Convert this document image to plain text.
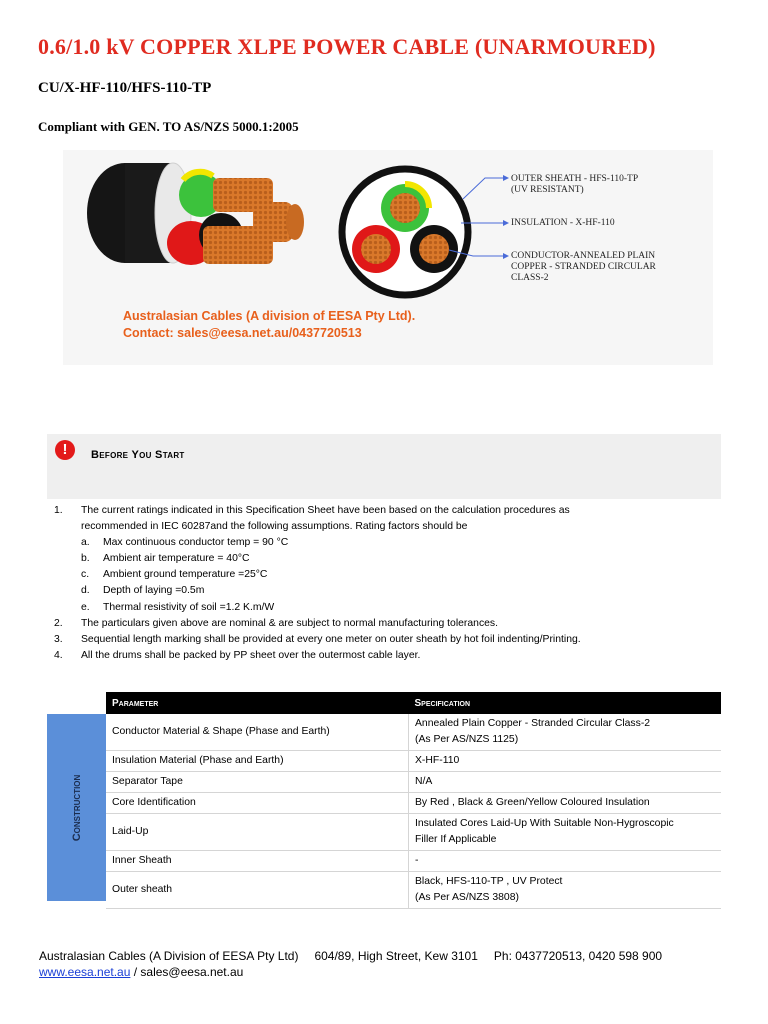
0.6/1.0 kV COPPER XLPE POWER CABLE (UNARMOURED)
CU/X-HF-110/HFS-110-TP
Compliant with GEN. TO AS/NZS 5000.1:2005
OUTER SHEATH - HFS-110-TP
(UV RESISTANT)
INSULATION - X-HF-110
CONDUCTOR-ANNEALED PLAIN
COPPER - STRANDED CIRCULAR
CLASS-2
Australasian Cables (A division of EESA Pty Ltd).
Contact: sales@eesa.net.au/0437720513
!	Before You Start
1.	The current ratings indicated in this Specification Sheet have been based on the calculation procedures as
recommended in IEC 60287and the following assumptions. Rating factors should be
a.	Max continuous conductor temp = 90 °C
b.	Ambient air temperature = 40°C
c.	Ambient ground temperature =25°C
d.	Depth of laying =0.5m
e.	Thermal resistivity of soil =1.2 K.m/W
2.	The particulars given above are nominal & are subject to normal manufacturing tolerances.
3.	Sequential length marking shall be provided at every one meter on outer sheath by hot foil indenting/Printing.
4.	All the drums shall be packed by PP sheet over the outermost cable layer.
Construction
Parameter	Specification
Conductor Material & Shape (Phase and Earth)	Annealed Plain Copper - Stranded Circular Class-2
(As Per AS/NZS 1125)

Insulation Material (Phase and Earth)	X-HF-110
Separator Tape	N/A
Core Identification	By Red , Black & Green/Yellow Coloured Insulation
Laid-Up	Insulated Cores Laid-Up With Suitable Non-Hygroscopic
Filler If Applicable

Inner Sheath	-
Outer sheath	Black, HFS-110-TP , UV Protect
(As Per AS/NZS 3808)
Australasian Cables (A Division of EESA Pty Ltd) 604/89, High Street, Kew 3101 Ph: 0437720513, 0420 598 900
www.eesa.net.au / sales@eesa.net.au
